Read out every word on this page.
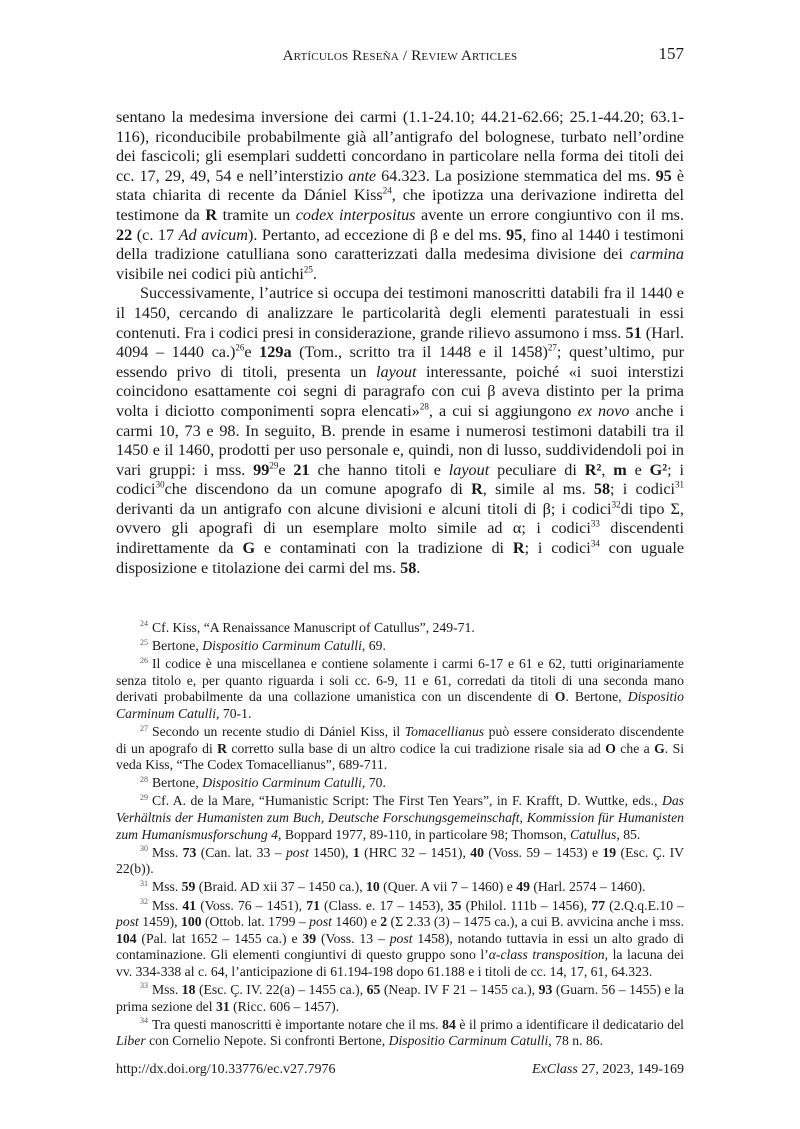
Artículos Reseña / Review Articles	157

sentano la medesima inversione dei carmi (1.1-24.10; 44.21-62.66; 25.1-44.20; 63.1-116), riconducibile probabilmente già all’antigrafo del bolognese, turbato nell’ordine dei fascicoli; gli esemplari suddetti concordano in particolare nella forma dei titoli dei cc. 17, 29, 49, 54 e nell’interstizio ante 64.323. La posizione stemmatica del ms. 95 è stata chiarita di recente da Dániel Kiss$^{24}$, che ipotizza una derivazione indiretta del testimone da R tramite un codex interpositus avente un errore congiuntivo con il ms. 22 (c. 17 Ad avicum). Pertanto, ad eccezione di β e del ms. 95, fino al 1440 i testimoni della tradizione catulliana sono caratterizzati dalla medesima divisione dei carmina visibile nei codici più antichi$^{25}$.

Successivamente, l’autrice si occupa dei testimoni manoscritti databili fra il 1440 e il 1450, cercando di analizzare le particolarità degli elementi paratestuali in essi contenuti. Fra i codici presi in considerazione, grande rilievo assumono i mss. 51 (Harl. 4094 – 1440 ca.)$^{26}$e 129a (Tom., scritto tra il 1448 e il 1458)$^{27}$; quest’ultimo, pur essendo privo di titoli, presenta un layout interessante, poiché «i suoi interstizi coincidono esattamente coi segni di paragrafo con cui β aveva distinto per la prima volta i diciotto componimenti sopra elencati»$^{28}$, a cui si aggiungono ex novo anche i carmi 10, 73 e 98. In seguito, B. prende in esame i numerosi testimoni databili tra il 1450 e il 1460, prodotti per uso personale e, quindi, non di lusso, suddividendoli poi in vari gruppi: i mss. $99^{29}e$ 21 che hanno titoli e layout peculiare di R², m e G²; i codici$^{30}$che discendono da un comune apografo di R, simile al ms. 58; i codici$^{31}$ derivanti da un antigrafo con alcune divisioni e alcuni titoli di β; i codici$^{32}$di tipo Σ, ovvero gli apografi di un esemplare molto simile ad α; i codici$^{33}$ discendenti indirettamente da G e contaminati con la tradizione di R; i codici$^{34}$ con uguale disposizione e titolazione dei carmi del ms. 58.

$^{24}$ Cf. Kiss, “A Renaissance Manuscript of Catullus”, 249-71.

$^{25}$ Bertone, Dispositio Carminum Catulli, 69.

$^{26}$ Il codice è una miscellanea e contiene solamente i carmi 6-17 e 61 e 62, tutti originariamente senza titolo e, per quanto riguarda i soli cc. 6-9, 11 e 61, corredati da titoli di una seconda mano derivati probabilmente da una collazione umanistica con un discendente di O. Bertone, Dispositio Carminum Catulli, 70-1.

$^{27}$ Secondo un recente studio di Dániel Kiss, il Tomacellianus può essere considerato discendente di un apografo di R corretto sulla base di un altro codice la cui tradizione risale sia ad O che a G. Si veda Kiss, “The Codex Tomacellianus”, 689-711.

$^{28}$ Bertone, Dispositio Carminum Catulli, 70.

$^{29}$ Cf. A. de la Mare, “Humanistic Script: The First Ten Years”, in F. Krafft, D. Wuttke, eds., Das Verhältnis der Humanisten zum Buch, Deutsche Forschungsgemeinschaft, Kommission für Humanisten zum Humanismusforschung 4, Boppard 1977, 89-110, in particolare 98; Thomson, Catullus, 85.

$^{30}$ Mss. 73 (Can. lat. 33 – post 1450), 1 (HRC 32 – 1451), 40 (Voss. 59 – 1453) e 19 (Esc. Ç. IV 22(b)).

$^{31}$ Mss. 59 (Braid. AD xii 37 – 1450 ca.), 10 (Quer. A vii 7 – 1460) e 49 (Harl. 2574 – 1460).

$^{32}$ Mss. 41 (Voss. 76 – 1451), 71 (Class. e. 17 – 1453), 35 (Philol. 111b – 1456), 77 (2.Q.q.E.10 – post 1459), 100 (Ottob. lat. 1799 – post 1460) e 2 (Σ 2.33 (3) – 1475 ca.), a cui B. avvicina anche i mss. 104 (Pal. lat 1652 – 1455 ca.) e 39 (Voss. 13 – post 1458), notando tuttavia in essi un alto grado di contaminazione. Gli elementi congiuntivi di questo gruppo sono l’α-class transposition, la lacuna dei vv. 334-338 al c. 64, l’anticipazione di 61.194-198 dopo 61.188 e i titoli de cc. 14, 17, 61, 64.323.

$^{33}$ Mss. 18 (Esc. Ç. IV. 22(a) – 1455 ca.), 65 (Neap. IV F 21 – 1455 ca.), 93 (Guarn. 56 – 1455) e la prima sezione del 31 (Ricc. 606 – 1457).

$^{34}$ Tra questi manoscritti è importante notare che il ms. 84 è il primo a identificare il dedicatario del Liber con Cornelio Nepote. Si confronti Bertone, Dispositio Carminum Catulli, 78 n. 86.

http://dx.doi.org/10.33776/ec.v27.7976	ExClass 27, 2023, 149-169
